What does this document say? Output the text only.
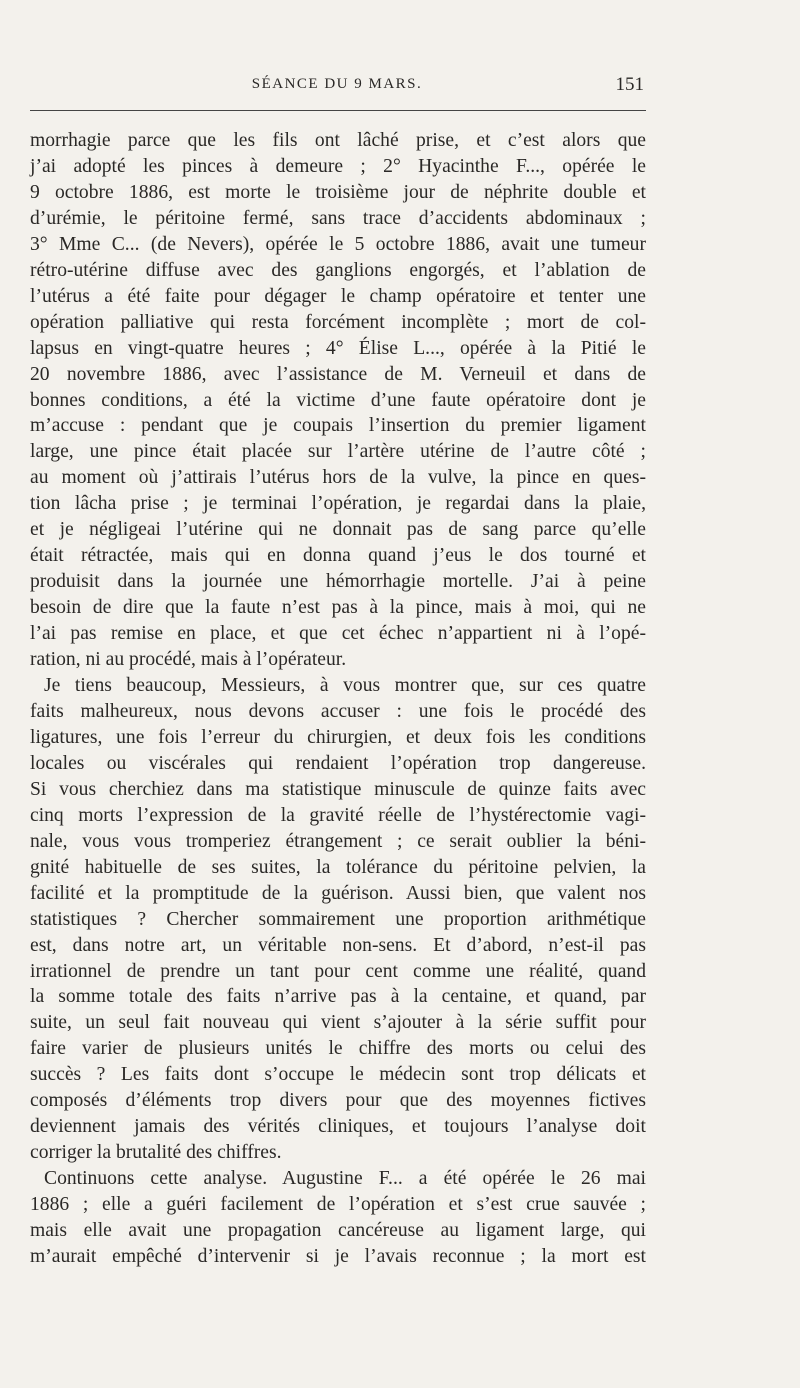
SÉANCE DU 9 MARS.	151
morrhagie parce que les fils ont lâché prise, et c’est alors que
j’ai adopté les pinces à demeure ; 2° Hyacinthe F..., opérée le
9 octobre 1886, est morte le troisième jour de néphrite double et
d’urémie, le péritoine fermé, sans trace d’accidents abdominaux ;
3° Mme C... (de Nevers), opérée le 5 octobre 1886, avait une tumeur
rétro-utérine diffuse avec des ganglions engorgés, et l’ablation de
l’utérus a été faite pour dégager le champ opératoire et tenter une
opération palliative qui resta forcément incomplète ; mort de col-
lapsus en vingt-quatre heures ; 4° Élise L..., opérée à la Pitié le
20 novembre 1886, avec l’assistance de M. Verneuil et dans de
bonnes conditions, a été la victime d’une faute opératoire dont je
m’accuse : pendant que je coupais l’insertion du premier ligament
large, une pince était placée sur l’artère utérine de l’autre côté ;
au moment où j’attirais l’utérus hors de la vulve, la pince en ques-
tion lâcha prise ; je terminai l’opération, je regardai dans la plaie,
et je négligeai l’utérine qui ne donnait pas de sang parce qu’elle
était rétractée, mais qui en donna quand j’eus le dos tourné et
produisit dans la journée une hémorrhagie mortelle. J’ai à peine
besoin de dire que la faute n’est pas à la pince, mais à moi, qui ne
l’ai pas remise en place, et que cet échec n’appartient ni à l’opé-
ration, ni au procédé, mais à l’opérateur.
Je tiens beaucoup, Messieurs, à vous montrer que, sur ces quatre
faits malheureux, nous devons accuser : une fois le procédé des
ligatures, une fois l’erreur du chirurgien, et deux fois les conditions
locales ou viscérales qui rendaient l’opération trop dangereuse.
Si vous cherchiez dans ma statistique minuscule de quinze faits avec
cinq morts l’expression de la gravité réelle de l’hystérectomie vagi-
nale, vous vous tromperiez étrangement ; ce serait oublier la béni-
gnité habituelle de ses suites, la tolérance du péritoine pelvien, la
facilité et la promptitude de la guérison. Aussi bien, que valent nos
statistiques ? Chercher sommairement une proportion arithmétique
est, dans notre art, un véritable non-sens. Et d’abord, n’est-il pas
irrationnel de prendre un tant pour cent comme une réalité, quand
la somme totale des faits n’arrive pas à la centaine, et quand, par
suite, un seul fait nouveau qui vient s’ajouter à la série suffit pour
faire varier de plusieurs unités le chiffre des morts ou celui des
succès ? Les faits dont s’occupe le médecin sont trop délicats et
composés d’éléments trop divers pour que des moyennes fictives
deviennent jamais des vérités cliniques, et toujours l’analyse doit
corriger la brutalité des chiffres.
Continuons cette analyse. Augustine F... a été opérée le 26 mai
1886 ; elle a guéri facilement de l’opération et s’est crue sauvée ;
mais elle avait une propagation cancéreuse au ligament large, qui
m’aurait empêché d’intervenir si je l’avais reconnue ; la mort est
